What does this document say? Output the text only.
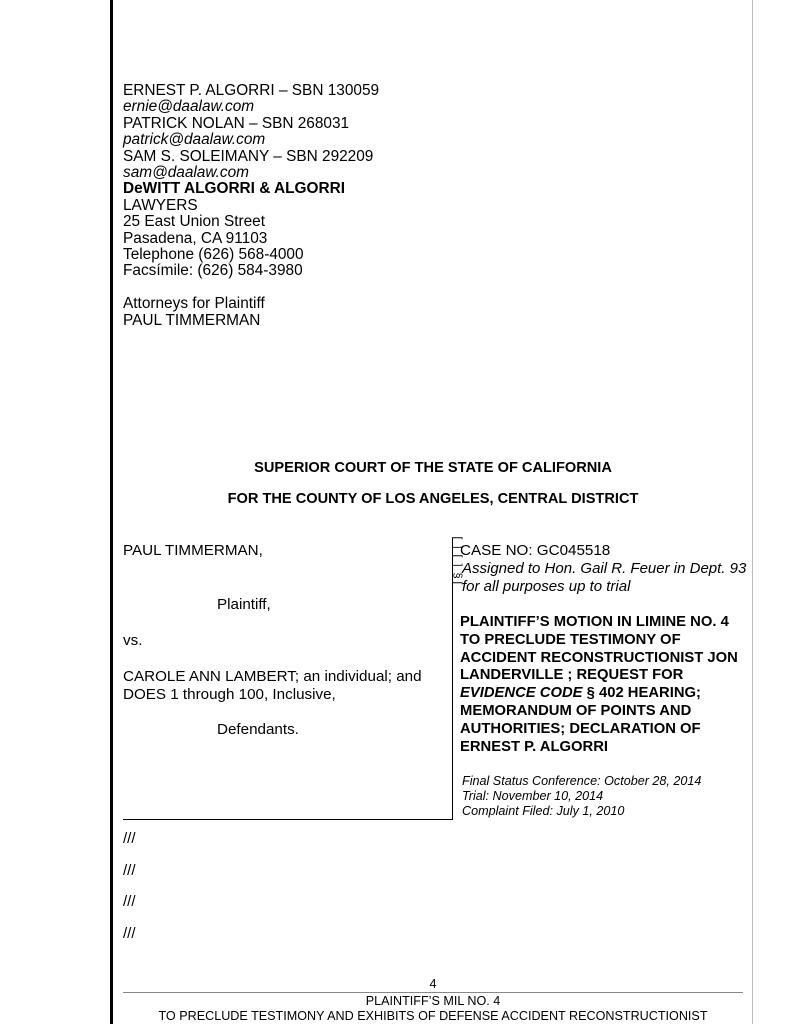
ERNEST P. ALGORRI – SBN 130059
ernie@daalaw.com
PATRICK NOLAN – SBN 268031
patrick@daalaw.com
SAM S. SOLEIMANY – SBN 292209
sam@daalaw.com
DeWITT ALGORRI & ALGORRI
LAWYERS
25 East Union Street
Pasadena, CA 91103
Telephone (626) 568-4000
Facsímile: (626) 584-3980
Attorneys for Plaintiff
PAUL TIMMERMAN
SUPERIOR COURT OF THE STATE OF CALIFORNIA
FOR THE COUNTY OF LOS ANGELES, CENTRAL DISTRICT
PAUL TIMMERMAN,
Plaintiff,
vs.
CAROLE ANN LAMBERT; an individual; and
DOES 1 through 100, Inclusive,
Defendants.
[
]
[
]
§
[
CASE NO: GC045518
Assigned to Hon. Gail R. Feuer in Dept. 93 for all purposes up to trial
PLAINTIFF’S MOTION IN LIMINE NO. 4 TO PRECLUDE TESTIMONY OF ACCIDENT RECONSTRUCTIONIST JON LANDERVILLE ; REQUEST FOR EVIDENCE CODE § 402 HEARING; MEMORANDUM OF POINTS AND AUTHORITIES; DECLARATION OF ERNEST P. ALGORRI
Final Status Conference: October 28, 2014
Trial: November 10, 2014
Complaint Filed: July 1, 2010
///
///
///
///
4
PLAINTIFF’S MIL NO. 4
TO PRECLUDE TESTIMONY AND EXHIBITS OF DEFENSE ACCIDENT RECONSTRUCTIONIST
